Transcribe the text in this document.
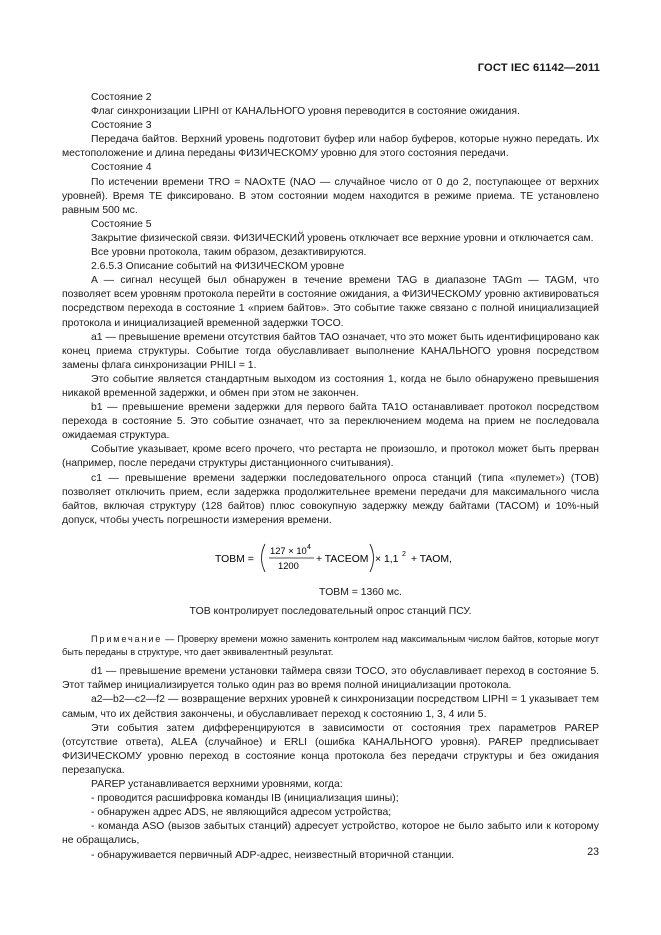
ГОСТ IEC 61142—2011

Состояние 2

Флаг синхронизации LIPHI от КАНАЛЬНОГО уровня переводится в состояние ожидания.

Состояние 3

Передача байтов. Верхний уровень подготовит буфер или набор буферов, которые нужно передать. Их местоположение и длина переданы ФИЗИЧЕСКОМУ уровню для этого состояния передачи.

Состояние 4

По истечении времени TRO = NAOxTE (NAO — случайное число от 0 до 2, поступающее от верхних уровней). Время TE фиксировано. В этом состоянии модем находится в режиме приема. TE установлено равным 500 мс.

Состояние 5

Закрытие физической связи. ФИЗИЧЕСКИЙ уровень отключает все верхние уровни и отключается сам.

Все уровни протокола, таким образом, дезактивируются.

2.6.5.3 Описание событий на ФИЗИЧЕСКОМ уровне

A — сигнал несущей был обнаружен в течение времени TAG в диапазоне TAGm — TAGM, что позволяет всем уровням протокола перейти в состояние ожидания, а ФИЗИЧЕСКОМУ уровню активироваться посредством перехода в состояние 1 «прием байтов». Это событие также связано с полной инициализацией протокола и инициализацией временной задержки TOCO.

a1 — превышение времени отсутствия байтов TAO означает, что это может быть идентифицировано как конец приема структуры. Событие тогда обуславливает выполнение КАНАЛЬНОГО уровня посредством замены флага синхронизации PHILI = 1.

Это событие является стандартным выходом из состояния 1, когда не было обнаружено превышения никакой временной задержки, и обмен при этом не закончен.

b1 — превышение времени задержки для первого байта TA1O останавливает протокол посредством перехода в состояние 5. Это событие означает, что за переключением модема на прием не последовала ожидаемая структура.

Событие указывает, кроме всего прочего, что рестарта не произошло, и протокол может быть прерван (например, после передачи структуры дистанционного считывания).

c1 — превышение времени задержки последовательного опроса станций (типа «пулемет») (TOB) позволяет отключить прием, если задержка продолжительнее времени передачи для максимального числа байтов, включая структуру (128 байтов) плюс совокупную задержку между байтами (TACOM) и 10%-ный допуск, чтобы учесть погрешности измерения времени.

TOBM =
127 × 10 4
1200
+ TACEOM × 1,1 2 + TAOM,

TOBM = 1360 мс.

TOB контролирует последовательный опрос станций ПСУ.

Примечание — Проверку времени можно заменить контролем над максимальным числом байтов, которые могут быть переданы в структуре, что дает эквивалентный результат.

d1 — превышение времени установки таймера связи TOCO, это обуславливает переход в состояние 5. Этот таймер инициализируется только один раз во время полной инициализации протокола.

a2—b2—c2—f2 — возвращение верхних уровней к синхронизации посредством LIPHI = 1 указывает тем самым, что их действия закончены, и обуславливает переход к состоянию 1, 3, 4 или 5.

Эти события затем дифференцируются в зависимости от состояния трех параметров PAREP (отсутствие ответа), ALEA (случайное) и ERLI (ошибка КАНАЛЬНОГО уровня). PAREP предписывает ФИЗИЧЕСКОМУ уровню переход в состояние конца протокола без передачи структуры и без ожидания перезапуска.

PAREP устанавливается верхними уровнями, когда:

- проводится расшифровка команды IB (инициализация шины);

- обнаружен адрес ADS, не являющийся адресом устройства;

- команда ASO (вызов забытых станций) адресует устройство, которое не было забыто или к которому не обращались,

- обнаруживается первичный ADP-адрес, неизвестный вторичной станции.	23
